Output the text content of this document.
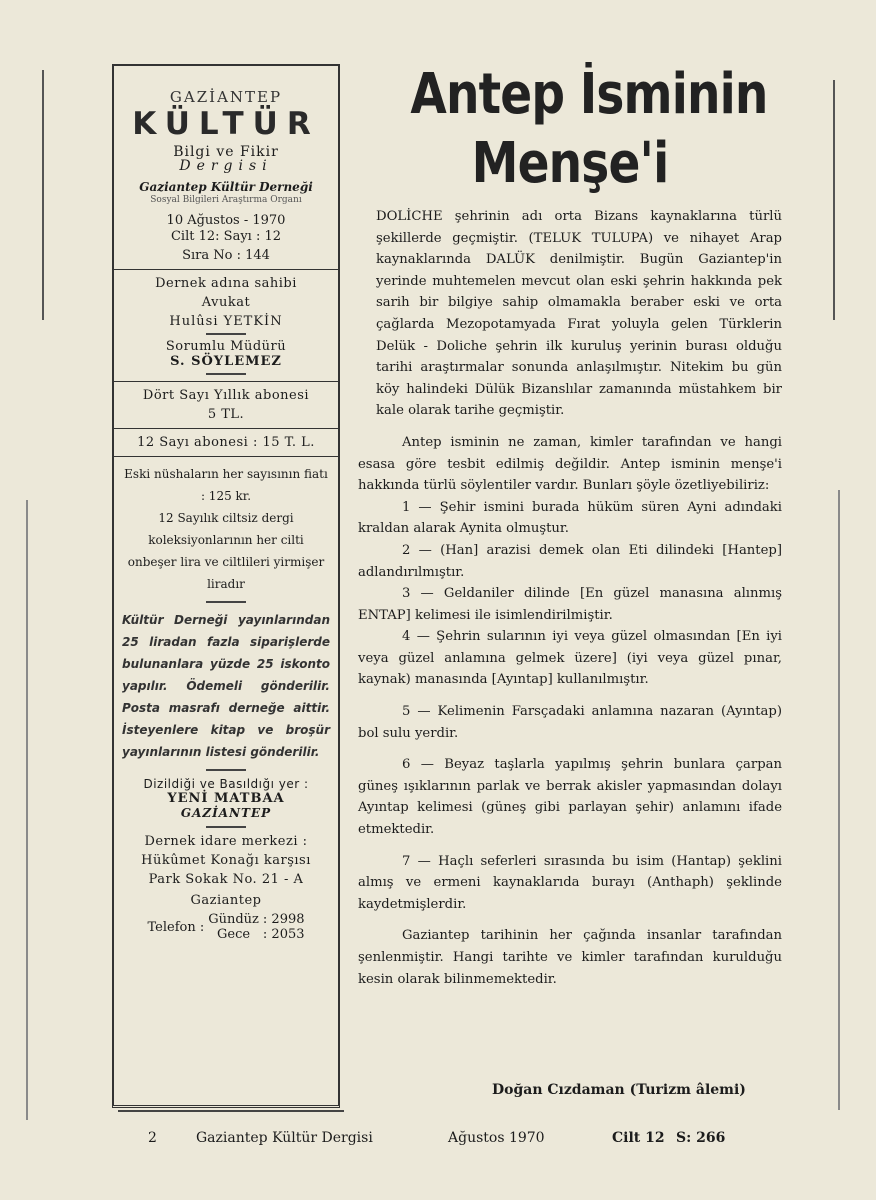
GAZİANTEP
KÜLTÜR
Bilgi ve Fikir
Dergisi
Gaziantep Kültür Derneği
Sosyal Bilgileri Araştırma Organı
10 Ağustos - 1970
Cilt 12: Sayı : 12
Sıra No : 144
Dernek adına sahibi
Avukat
Hulûsi YETKİN
Sorumlu Müdürü
S. SÖYLEMEZ
Dört Sayı Yıllık abonesi
5 TL.
12 Sayı abonesi : 15 T. L.
Eski nüshaların her sayısının fiatı : 125 kr.
12 Sayılık ciltsiz dergi koleksiyonlarının her cilti onbeşer lira ve ciltlileri yirmişer liradır
Kültür Derneği yayınlarından 25 liradan fazla siparişlerde bulunanlara yüzde 25 iskonto yapılır. Ödemeli gönderilir. Posta masrafı derneğe aittir. İsteyenlere kitap ve broşür yayınlarının listesi gönderilir.
Dizildiği ve Basıldığı yer :
YENİ MATBAA
GAZİANTEP
Dernek idare merkezi :
Hükûmet Konağı karşısı
Park Sokak No. 21 - A
Gaziantep
Telefon :	Gündüz	: 2998
	Gece	: 2053
Antep İsminin
Menşe'i

DOLİCHE şehrinin adı orta Bizans kaynaklarına türlü şekillerde geçmiştir. (TELUK TULUPA) ve nihayet Arap kaynaklarında DALÜK denilmiştir. Bugün Gaziantep'in yerinde muhtemelen mevcut olan eski şehrin hakkında pek sarih bir bilgiye sahip olmamakla beraber eski ve orta çağlarda Mezopotamyada Fırat yoluyla gelen Türklerin Delük - Doliche şehrin ilk kuruluş yerinin burası olduğu tarihi araştırmalar sonunda anlaşılmıştır. Nitekim bu gün köy halindeki Dülük Bizanslılar zamanında müstahkem bir kale olarak tarihe geçmiştir.

Antep isminin ne zaman, kimler tarafından ve hangi esasa göre tesbit edilmiş değildir. Antep isminin menşe'i hakkında türlü söylentiler vardır. Bunları şöyle özetliyebiliriz:

1 — Şehir ismini burada hüküm süren Ayni adındaki kraldan alarak Aynita olmuştur.

2 — (Han] arazisi demek olan Eti dilindeki [Hantep] adlandırılmıştır.

3 — Geldaniler dilinde [En güzel manasına alınmış ENTAP] kelimesi ile isimlendirilmiştir.

4 — Şehrin sularının iyi veya güzel olmasından [En iyi veya güzel anlamına gelmek üzere] (iyi veya güzel pınar, kaynak) manasında [Ayıntap] kullanılmıştır.

5 — Kelimenin Farsçadaki anlamına nazaran (Ayıntap) bol sulu yerdir.

6 — Beyaz taşlarla yapılmış şehrin bunlara çarpan güneş ışıklarının parlak ve berrak akisler yapmasından dolayı Ayıntap kelimesi (güneş gibi parlayan şehir) anlamını ifade etmektedir.

7 — Haçlı seferleri sırasında bu isim (Hantap) şeklini almış ve ermeni kaynaklarıda burayı (Anthaph) şeklinde kaydetmişlerdir.

Gaziantep tarihinin her çağında insanlar tarafından şenlenmiştir. Hangi tarihte ve kimler tarafından kurulduğu kesin olarak bilinmemektedir.

Doğan Cızdaman (Turizm âlemi)
2	Gaziantep Kültür Dergisi	Ağustos 1970	Cilt 12 S: 266
